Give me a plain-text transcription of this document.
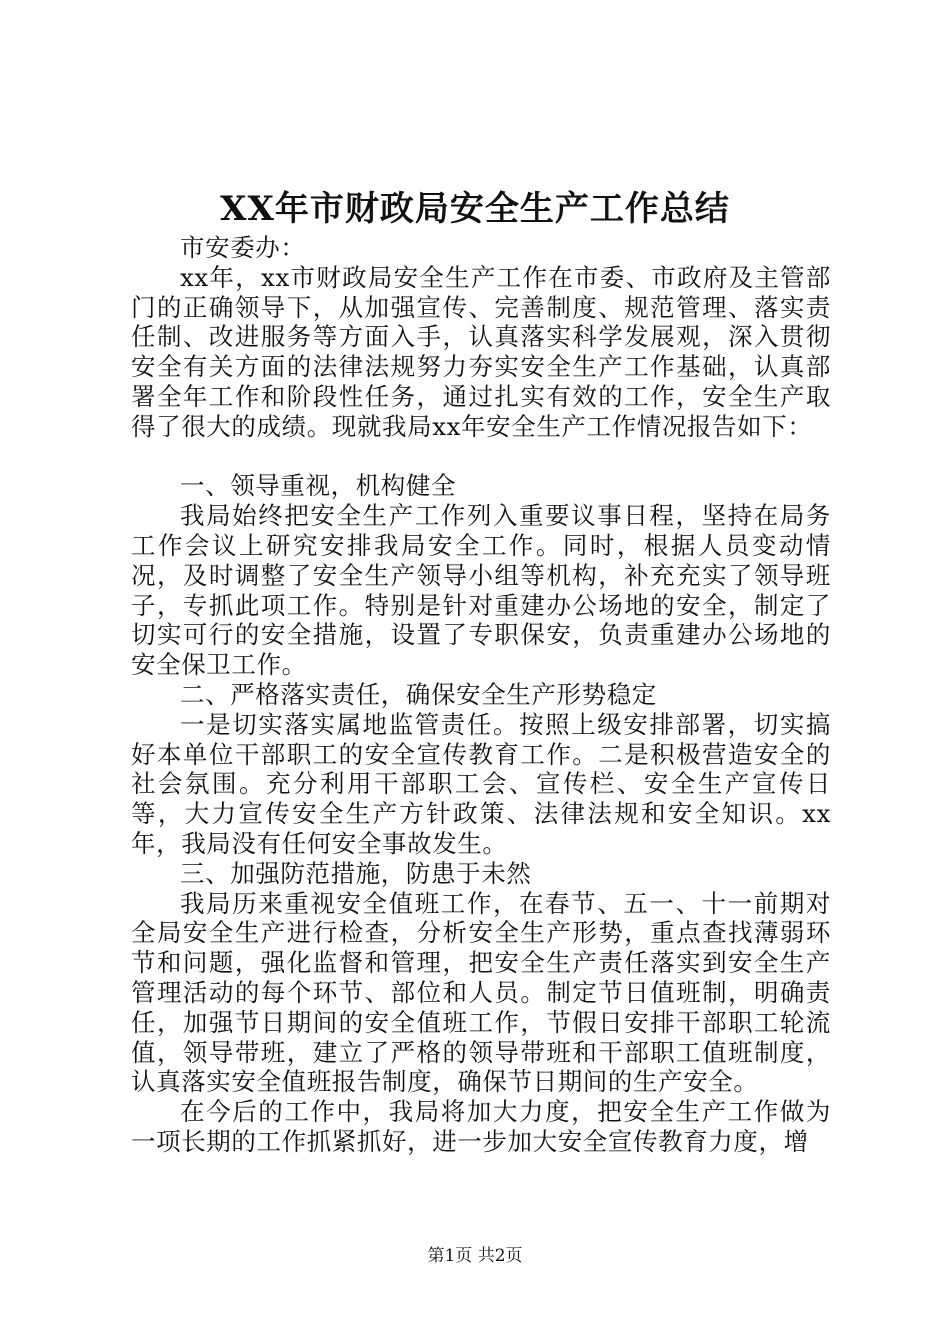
XX年市财政局安全生产工作总结

市安委办：

xx年，xx市财政局安全生产工作在市委、市政府及主管部门的正确领导下，从加强宣传、完善制度、规范管理、落实责任制、改进服务等方面入手，认真落实科学发展观，深入贯彻安全有关方面的法律法规努力夯实安全生产工作基础，认真部署全年工作和阶段性任务，通过扎实有效的工作，安全生产取得了很大的成绩。现就我局xx年安全生产工作情况报告如下：

一、领导重视，机构健全

我局始终把安全生产工作列入重要议事日程，坚持在局务工作会议上研究安排我局安全工作。同时，根据人员变动情况，及时调整了安全生产领导小组等机构，补充充实了领导班子，专抓此项工作。特别是针对重建办公场地的安全，制定了切实可行的安全措施，设置了专职保安，负责重建办公场地的安全保卫工作。

二、严格落实责任，确保安全生产形势稳定

一是切实落实属地监管责任。按照上级安排部署，切实搞好本单位干部职工的安全宣传教育工作。二是积极营造安全的社会氛围。充分利用干部职工会、宣传栏、安全生产宣传日等，大力宣传安全生产方针政策、法律法规和安全知识。xx年，我局没有任何安全事故发生。

三、加强防范措施，防患于未然

我局历来重视安全值班工作，在春节、五一、十一前期对全局安全生产进行检查，分析安全生产形势，重点查找薄弱环节和问题，强化监督和管理，把安全生产责任落实到安全生产管理活动的每个环节、部位和人员。制定节日值班制，明确责任，加强节日期间的安全值班工作，节假日安排干部职工轮流值，领导带班，建立了严格的领导带班和干部职工值班制度，认真落实安全值班报告制度，确保节日期间的生产安全。

在今后的工作中，我局将加大力度，把安全生产工作做为一项长期的工作抓紧抓好，进一步加大安全宣传教育力度，增

第1页 共2页
